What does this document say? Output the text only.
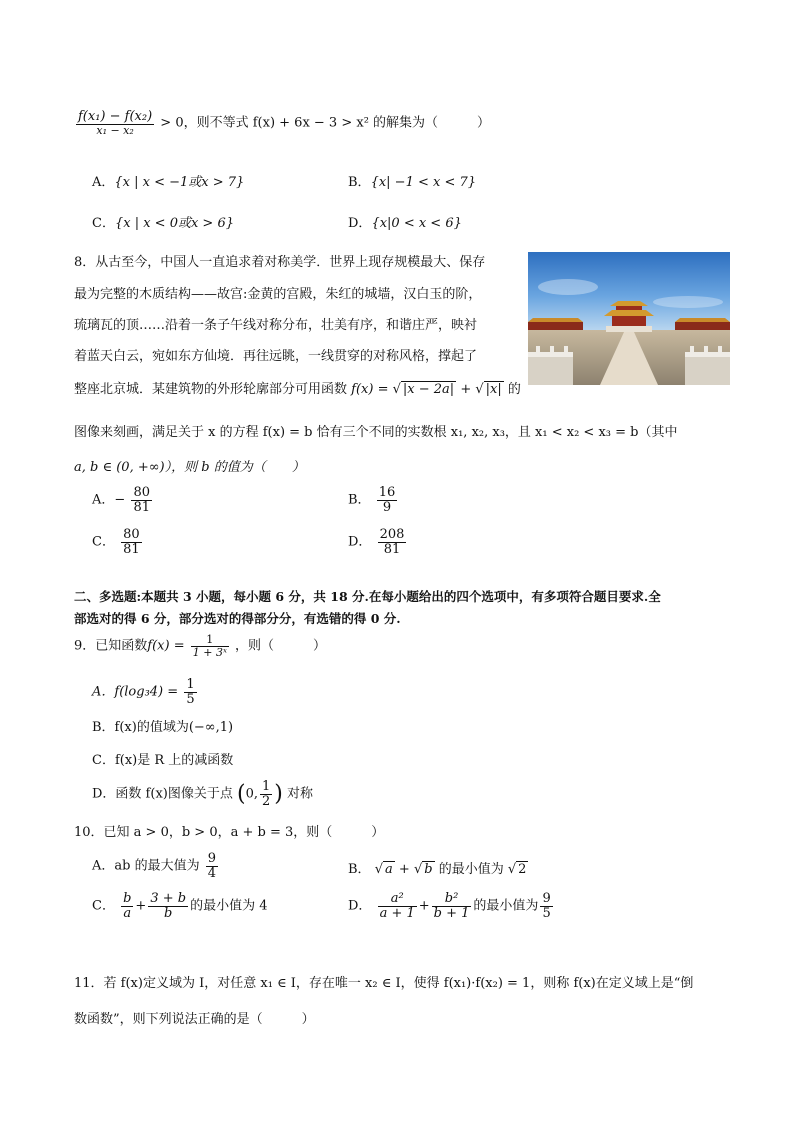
$\frac{\text{f(x₁) − f(x₂)}}{\text{x₁ − x₂}} > 0$，则不等式 f(x) + 6x − 3 > x² 的解集为（　　　）
A．{x | x < −1或x > 7}	B．{x| −1 < x < 7}
C．{x | x < 0或x > 6}	D．{x|0 < x < 6}
8．从古至今，中国人一直追求着对称美学．世界上现存规模最大、保存
最为完整的木质结构——故宫:金黄的宫殿，朱红的城墙，汉白玉的阶，
琉璃瓦的顶……沿着一条子午线对称分布，壮美有序，和谐庄严，映衬
着蓝天白云，宛如东方仙境．再往远眺，一线贯穿的对称风格，撑起了
整座北京城．某建筑物的外形轮廓部分可用函数 f(x) = √ |x − 2a| + √ |x| 的
图像来刻画，满足关于 x 的方程 f(x) = b 恰有三个不同的实数根 x₁, x₂, x₃，且 x₁ < x₂ < x₃ = b（其中
a, b ∈ (0, +∞)），则 b 的值为（　　）
A．− $\frac{80}{81}$	B． $\frac{16}{9}$
C． $\frac{80}{81}$	D． $\frac{208}{81}$
二、多选题:本题共 3 小题，每小题 6 分，共 18 分.在每小题给出的四个选项中，有多项符合题目要求.全
部选对的得 6 分，部分选对的得部分分，有选错的得 0 分.
9．已知函数$f(x) = \frac{1}{\text{1 + 3ˣ}}$ ，则（　　　）
A．$f(\log_34) = \frac{1}{5}$
B．f(x)的值域为(−∞,1)
C．f(x)是 R 上的减函数
D．函数 f(x)图像关于点 (0, $\frac{1}{2}$ ) 对称
10．已知 a > 0，b > 0，a + b = 3，则（　　　）
A．ab 的最大值为 $\frac{9}{4}$	B． √ a + √ b 的最小值为 √ 2
C． $\frac{b}{a} + \frac{3 + b}{b}$ 的最小值为 4	D． $\frac{\text{a²}}{a + 1} + \frac{\text{b²}}{b + 1}$ 的最小值为 $\frac{9}{5}$
11．若 f(x)定义域为 I，对任意 x₁ ∈ I，存在唯一 x₂ ∈ I，使得 f(x₁)·f(x₂) = 1，则称 f(x)在定义域上是“倒
数函数”，则下列说法正确的是（　　　）
